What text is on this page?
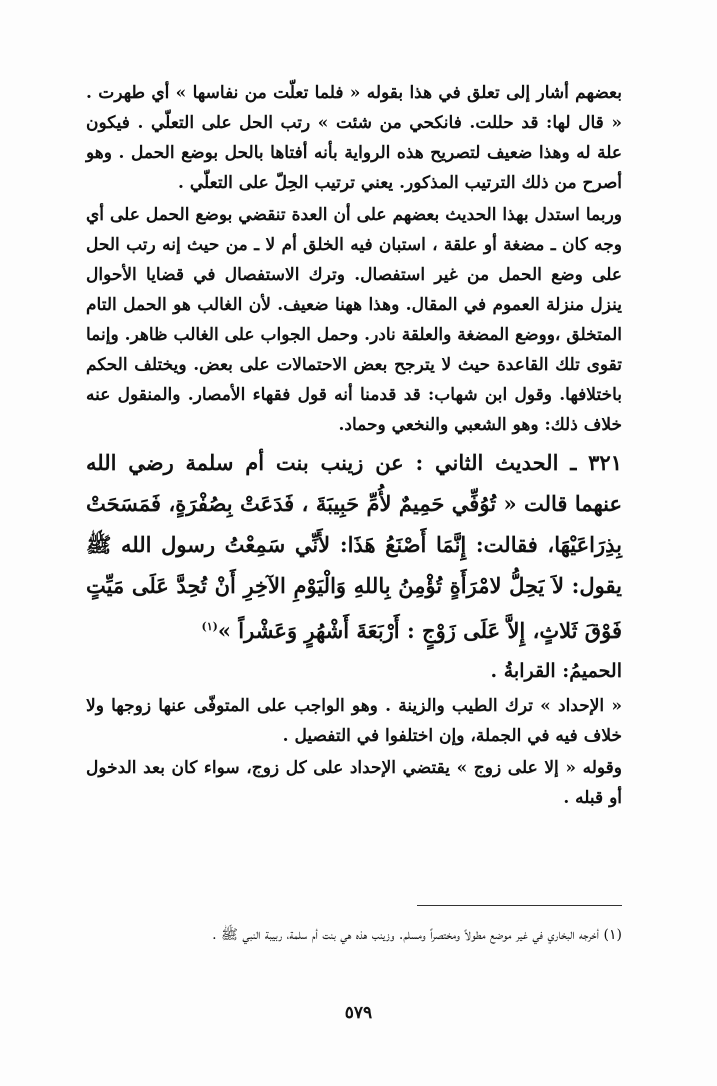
بعضهم أشار إلى تعلق في هذا بقوله « فلما تعلّت من نفاسها » أي طهرت . « قال لها: قد حللت. فانكحي من شئت » رتب الحل على التعلّي . فيكون علة له وهذا ضعيف لتصريح هذه الرواية بأنه أفتاها بالحل بوضع الحمل . وهو أصرح من ذلك الترتيب المذكور. يعني ترتيب الحِلّ على التعلّي .

وربما استدل بهذا الحديث بعضهم على أن العدة تنقضي بوضع الحمل على أي وجه كان ـ مضغة أو علقة ، استبان فيه الخلق أم لا ـ من حيث إنه رتب الحل على وضع الحمل من غير استفصال. وترك الاستفصال في قضايا الأحوال ينزل منزلة العموم في المقال. وهذا ههنا ضعيف. لأن الغالب هو الحمل التام المتخلق ،ووضع المضغة والعلقة نادر. وحمل الجواب على الغالب ظاهر. وإنما تقوى تلك القاعدة حيث لا يترجح بعض الاحتمالات على بعض. ويختلف الحكم باختلافها. وقول ابن شهاب: قد قدمنا أنه قول فقهاء الأمصار. والمنقول عنه خلاف ذلك: وهو الشعبي والنخعي وحماد.

٣٢١ ـ الحديث الثاني : عن زينب بنت أم سلمة رضي الله عنهما قالت « تُوُفِّي حَمِيمٌ لأُمِّ حَبِيبَةَ ، فَدَعَتْ بِصُفْرَةٍ، فَمَسَحَتْ بِذِرَاعَيْهَا، فقالت: إِنَّمَا أَصْنَعُ هَذَا: لأَنِّي سَمِعْتُ رسول الله ﷺ يقول: لاَ يَحِلُّ لامْرَأَةٍ تُؤْمِنُ بِاللهِ وَالْيَوْمِ الآخِرِ أَنْ تُحِدَّ عَلَى مَيِّتٍ فَوْقَ ثَلاثٍ، إِلاَّ عَلَى زَوْجٍ : أَرْبَعَةَ أَشْهُرٍ وَعَشْراً »$^{(١)}$

الحميمُ: القرابةُ .

« الإحداد » ترك الطيب والزينة . وهو الواجب على المتوفّى عنها زوجها ولا خلاف فيه في الجملة، وإن اختلفوا في التفصيل .

وقوله « إلا على زوج » يقتضي الإحداد على كل زوج، سواء كان بعد الدخول أو قبله .

(١) أخرجه البخاري في غير موضع مطولاً ومختصراً ومسلم. وزينب هذه هي بنت أم سلمة، ربيبة النبي ﷺ .

٥٧٩
